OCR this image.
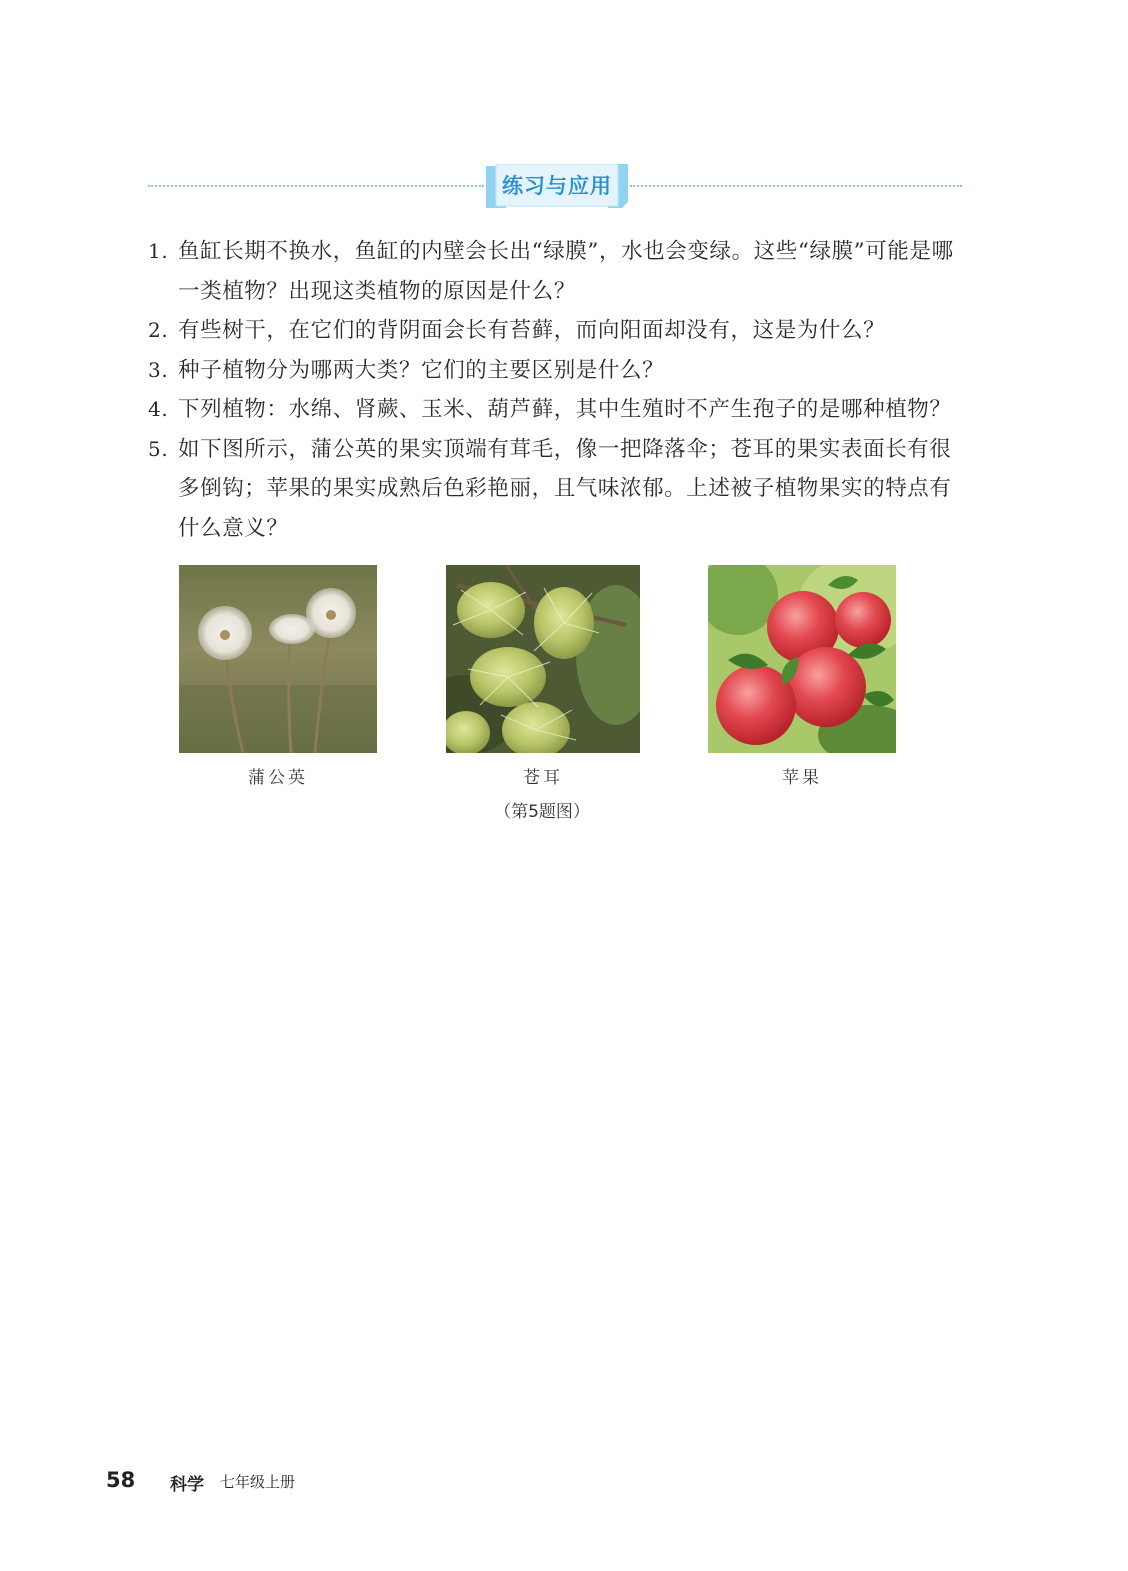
练习与应用
1. 鱼缸长期不换水，鱼缸的内壁会长出“绿膜”，水也会变绿。这些“绿膜”可能是哪一类植物？出现这类植物的原因是什么？
2. 有些树干，在它们的背阴面会长有苔藓，而向阳面却没有，这是为什么？
3. 种子植物分为哪两大类？它们的主要区别是什么？
4. 下列植物：水绵、肾蕨、玉米、葫芦藓，其中生殖时不产生孢子的是哪种植物？
5. 如下图所示，蒲公英的果实顶端有茸毛，像一把降落伞；苍耳的果实表面长有很多倒钩；苹果的果实成熟后色彩艳丽，且气味浓郁。上述被子植物果实的特点有什么意义？
蒲公英	苍耳	苹果
（第5题图）
58 科学 七年级上册
